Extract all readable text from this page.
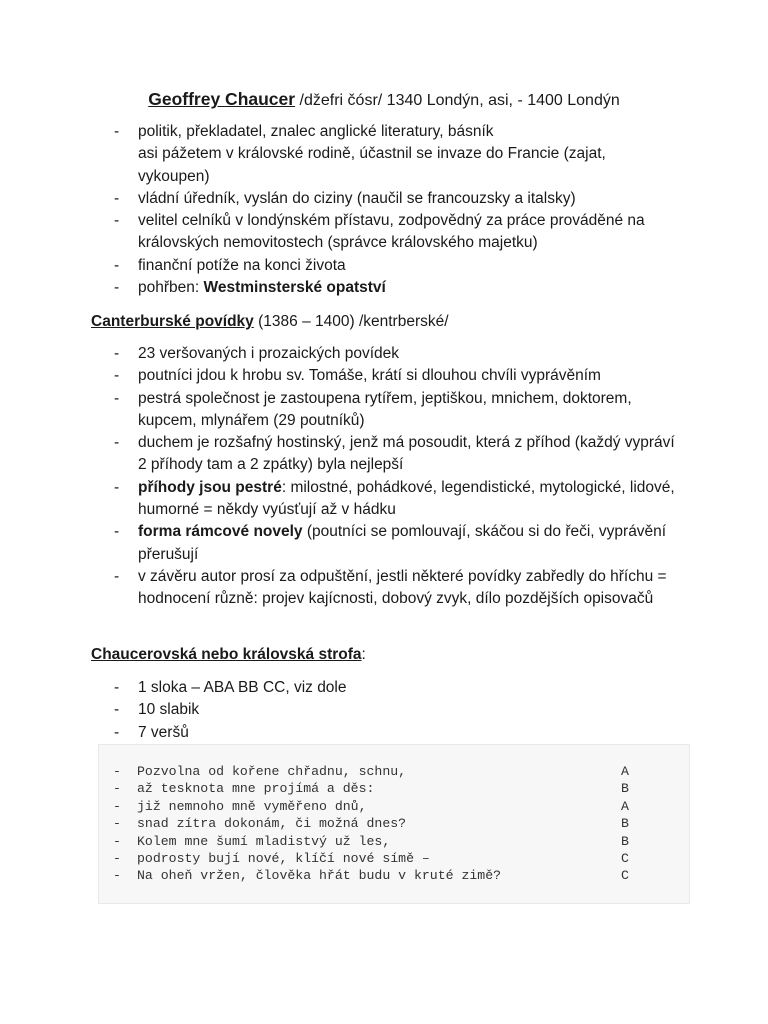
Geoffrey Chaucer /džefri čósr/ 1340 Londýn, asi, - 1400 Londýn
- politik, překladatel, znalec anglické literatury, básník
asi pážetem v královské rodině, účastnil se invaze do Francie (zajat, vykoupen)
- vládní úředník, vyslán do ciziny (naučil se francouzsky a italsky)
- velitel celníků v londýnském přístavu, zodpovědný za práce prováděné na královských nemovitostech (správce královského majetku)
- finanční potíže na konci života
- pohřben: Westminsterské opatství
Canterburské povídky (1386 – 1400) /kentrberské/
- 23 veršovaných i prozaických povídek
- poutníci jdou k hrobu sv. Tomáše, krátí si dlouhou chvíli vyprávěním
- pestrá společnost je zastoupena rytířem, jeptiškou, mnichem, doktorem, kupcem, mlynářem (29 poutníků)
- duchem je rozšafný hostinský, jenž má posoudit, která z příhod (každý vypráví 2 příhody tam a 2 zpátky) byla nejlepší
- příhody jsou pestré: milostné, pohádkové, legendistické, mytologické, lidové, humorné = někdy vyúsťují až v hádku
- forma rámcové novely (poutníci se pomlouvají, skáčou si do řeči, vyprávění přerušují
- v závěru autor prosí za odpuštění, jestli některé povídky zabředly do hříchu = hodnocení různě: projev kajícnosti, dobový zvyk, dílo pozdějších opisovačů
Chaucerovská nebo královská strofa:
- 1 sloka – ABA BB CC, viz dole
- 10 slabik
- 7 veršů
- Pozvolna od kořene chřadnu, schnu,	A
- až tesknota mne projímá a děs:	B
- již nemnoho mně vyměřeno dnů,	A
- snad zítra dokonám, či možná dnes?	B
- Kolem mne šumí mladistvý už les,	B
- podrosty bují nové, klíčí nové símě –	C
- Na oheň vržen, člověka hřát budu v kruté zimě?	C
